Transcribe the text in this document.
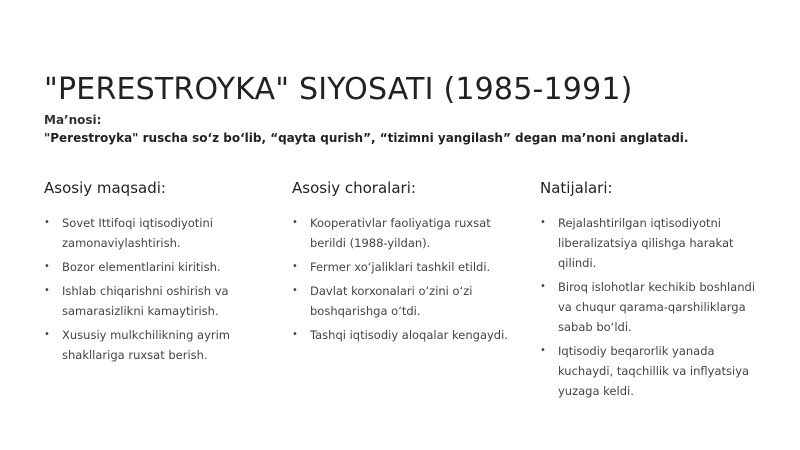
"PERESTROYKA" SIYOSATI (1985-1991)
Ma’nosi:
"Perestroyka" ruscha so‘z bo‘lib, “qayta qurish”, “tizimni yangilash” degan ma’noni anglatadi.
Asosiy maqsadi:
• Sovet Ittifoqi iqtisodiyotini zamonaviylashtirish.
• Bozor elementlarini kiritish.
• Ishlab chiqarishni oshirish va samarasizlikni kamaytirish.
• Xususiy mulkchilikning ayrim shakllariga ruxsat berish.
Asosiy choralari:
• Kooperativlar faoliyatiga ruxsat berildi (1988-yildan).
• Fermer xo‘jaliklari tashkil etildi.
• Davlat korxonalari o‘zini o‘zi boshqarishga o‘tdi.
• Tashqi iqtisodiy aloqalar kengaydi.
Natijalari:
• Rejalashtirilgan iqtisodiyotni liberalizatsiya qilishga harakat qilindi.
• Biroq islohotlar kechikib boshlandi va chuqur qarama-qarshiliklarga sabab bo‘ldi.
• Iqtisodiy beqarorlik yanada kuchaydi, taqchillik va inflyatsiya yuzaga keldi.
